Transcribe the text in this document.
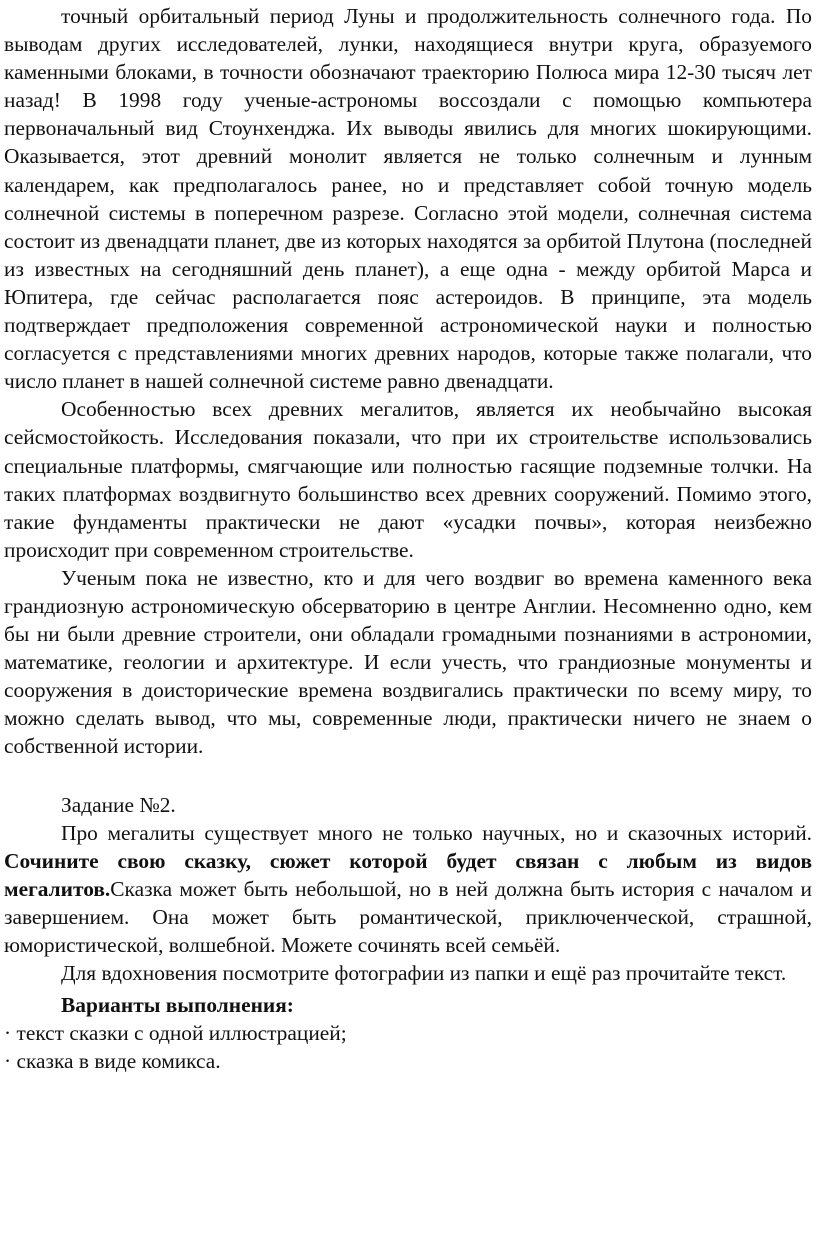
точный орбитальный период Луны и продолжительность солнечного года. По выводам других исследователей, лунки, находящиеся внутри круга, образуемого каменными блоками, в точности обозначают траекторию Полюса мира 12-30 тысяч лет назад! В 1998 году ученые-астрономы воссоздали с помощью компьютера первоначальный вид Стоунхенджа. Их выводы явились для многих шокирующими. Оказывается, этот древний монолит является не только солнечным и лунным календарем, как предполагалось ранее, но и представляет собой точную модель солнечной системы в поперечном разрезе. Согласно этой модели, солнечная система состоит из двенадцати планет, две из которых находятся за орбитой Плутона (последней из известных на сегодняшний день планет), а еще одна - между орбитой Марса и Юпитера, где сейчас располагается пояс астероидов. В принципе, эта модель подтверждает предположения современной астрономической науки и полностью согласуется с представлениями многих древних народов, которые также полагали, что число планет в нашей солнечной системе равно двенадцати.

Особенностью всех древних мегалитов, является их необычайно высокая сейсмостойкость. Исследования показали, что при их строительстве использовались специальные платформы, смягчающие или полностью гасящие подземные толчки. На таких платформах воздвигнуто большинство всех древних сооружений. Помимо этого, такие фундаменты практически не дают «усадки почвы», которая неизбежно происходит при современном строительстве.

Ученым пока не известно, кто и для чего воздвиг во времена каменного века грандиозную астрономическую обсерваторию в центре Англии. Несомненно одно, кем бы ни были древние строители, они обладали громадными познаниями в астрономии, математике, геологии и архитектуре. И если учесть, что грандиозные монументы и сооружения в доисторические времена воздвигались практически по всему миру, то можно сделать вывод, что мы, современные люди, практически ничего не знаем о собственной истории.

Задание №2.

Про мегалиты существует много не только научных, но и сказочных историй. Сочините свою сказку, сюжет которой будет связан с любым из видов мегалитов.Сказка может быть небольшой, но в ней должна быть история с началом и завершением. Она может быть романтической, приключенческой, страшной, юмористической, волшебной. Можете сочинять всей семьёй.

Для вдохновения посмотрите фотографии из папки и ещё раз прочитайте текст.

Варианты выполнения:

· текст сказки с одной иллюстрацией;

· сказка в виде комикса.
